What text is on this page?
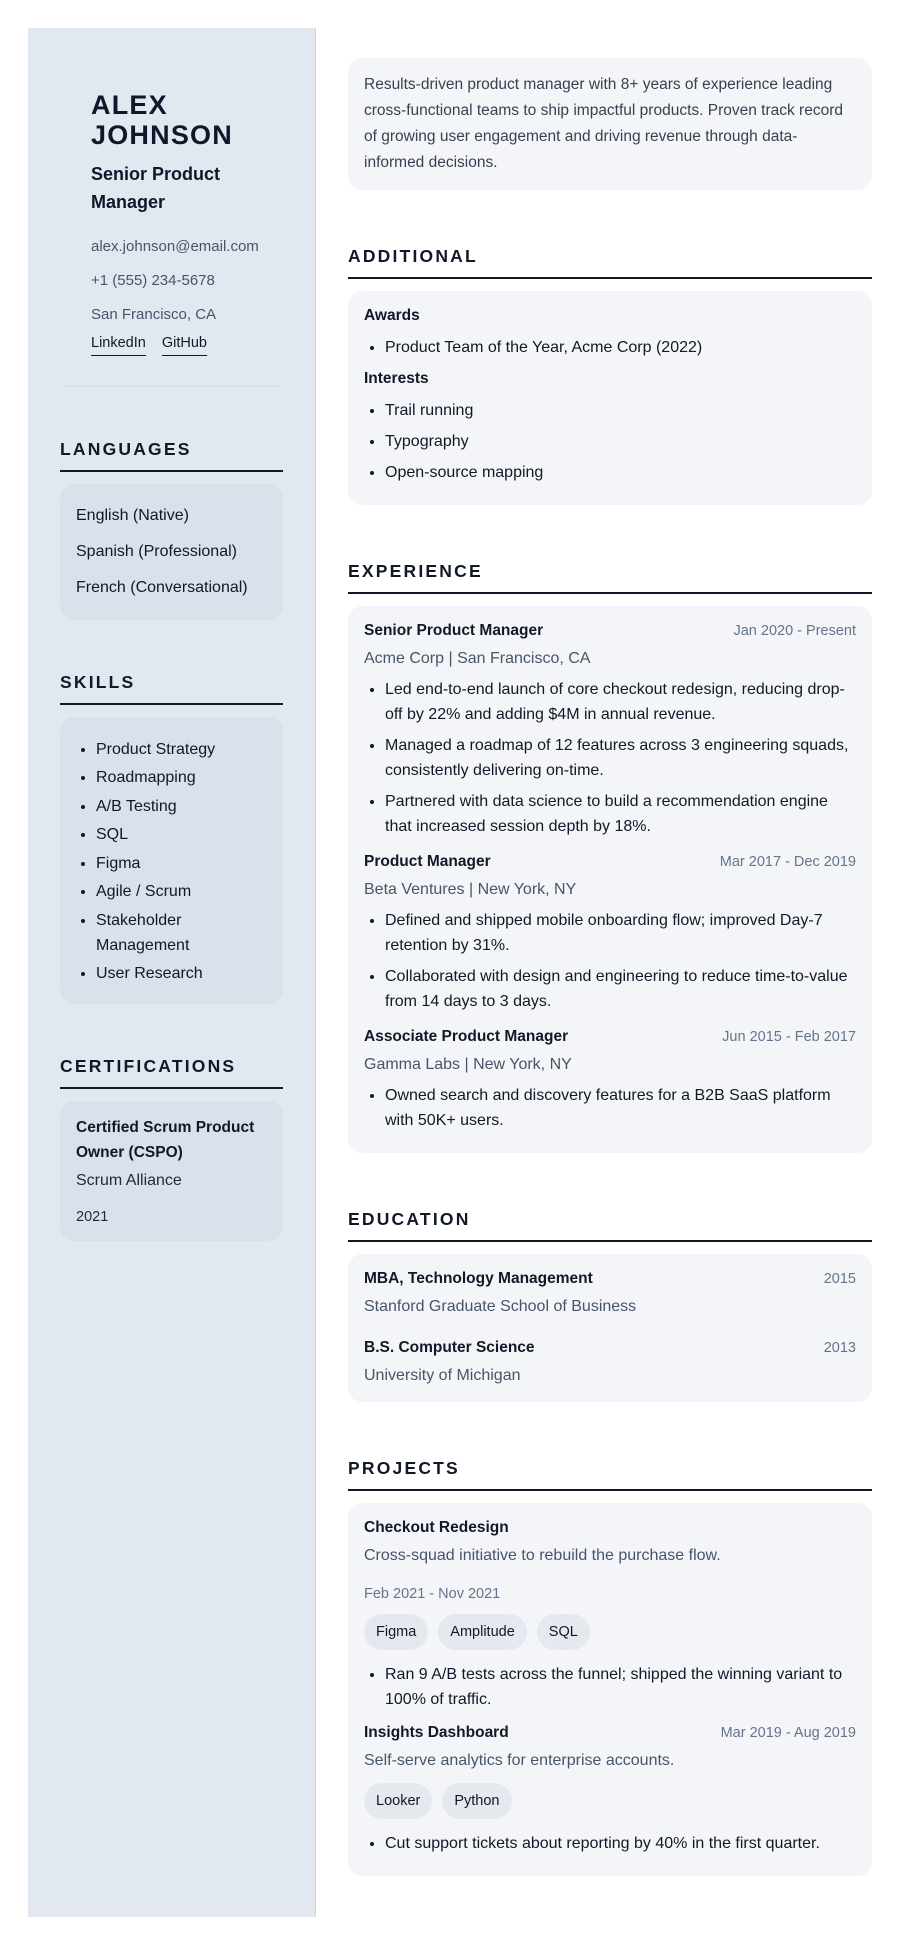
ALEX
JOHNSON
Senior Product
Manager
alex.johnson@email.com
+1 (555) 234-5678
San Francisco, CA
LinkedIn GitHub
LANGUAGES
English (Native)
Spanish (Professional)
French (Conversational)
SKILLS
• Product Strategy
• Roadmapping
• A/B Testing
• SQL
• Figma
• Agile / Scrum
• Stakeholder Management
• User Research
CERTIFICATIONS
Certified Scrum Product Owner (CSPO)
Scrum Alliance
2021
Results-driven product manager with 8+ years of experience leading cross-functional teams to ship impactful products. Proven track record of growing user engagement and driving revenue through data-informed decisions.
ADDITIONAL
Awards
• Product Team of the Year, Acme Corp (2022)
Interests
• Trail running
• Typography
• Open-source mapping
EXPERIENCE
Senior Product Manager	Jan 2020 - Present
Acme Corp | San Francisco, CA
• Led end-to-end launch of core checkout redesign, reducing drop-off by 22% and adding $4M in annual revenue.
• Managed a roadmap of 12 features across 3 engineering squads, consistently delivering on-time.
• Partnered with data science to build a recommendation engine that increased session depth by 18%.
Product Manager	Mar 2017 - Dec 2019
Beta Ventures | New York, NY
• Defined and shipped mobile onboarding flow; improved Day-7 retention by 31%.
• Collaborated with design and engineering to reduce time-to-value from 14 days to 3 days.
Associate Product Manager	Jun 2015 - Feb 2017
Gamma Labs | New York, NY
• Owned search and discovery features for a B2B SaaS platform with 50K+ users.
EDUCATION
MBA, Technology Management	2015
Stanford Graduate School of Business
B.S. Computer Science	2013
University of Michigan
PROJECTS
Checkout Redesign
Cross-squad initiative to rebuild the purchase flow.
Feb 2021 - Nov 2021
Figma	Amplitude	SQL
• Ran 9 A/B tests across the funnel; shipped the winning variant to 100% of traffic.
Insights Dashboard	Mar 2019 - Aug 2019
Self-serve analytics for enterprise accounts.
Looker	Python
• Cut support tickets about reporting by 40% in the first quarter.
